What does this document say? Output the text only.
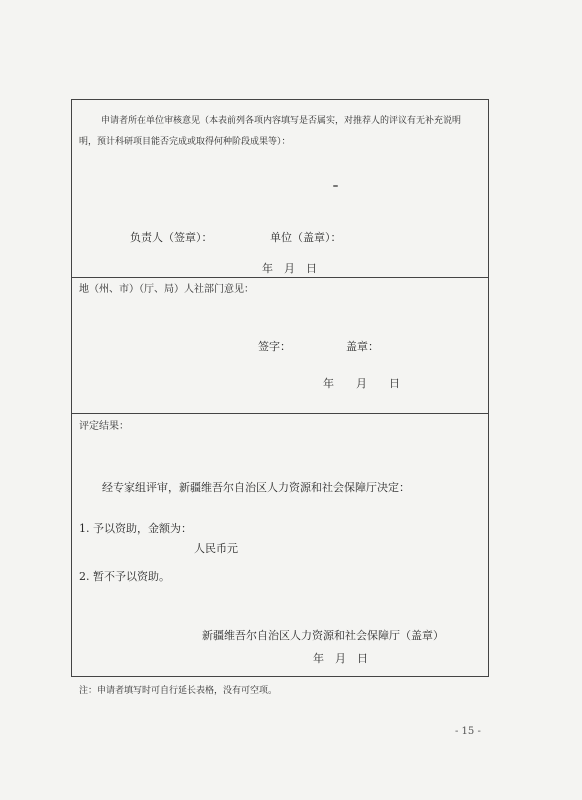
申请者所在单位审核意见（本表前列各项内容填写是否属实，对推荐人的评议有无补充说明
明，预计科研项目能否完成或取得何种阶段成果等）：
负责人（签章）：	单位（盖章）：
年　月　日
地（州、市）（厅、局）人社部门意见：
签字：	盖章：
年　　月　　日
评定结果：
经专家组评审，新疆维吾尔自治区人力资源和社会保障厅决定：
1. 予以资助，金额为：
人民币元
2. 暂不予以资助。
新疆维吾尔自治区人力资源和社会保障厅（盖章）
年　月　日
注：申请者填写时可自行延长表格，没有可空项。
- 15 -
